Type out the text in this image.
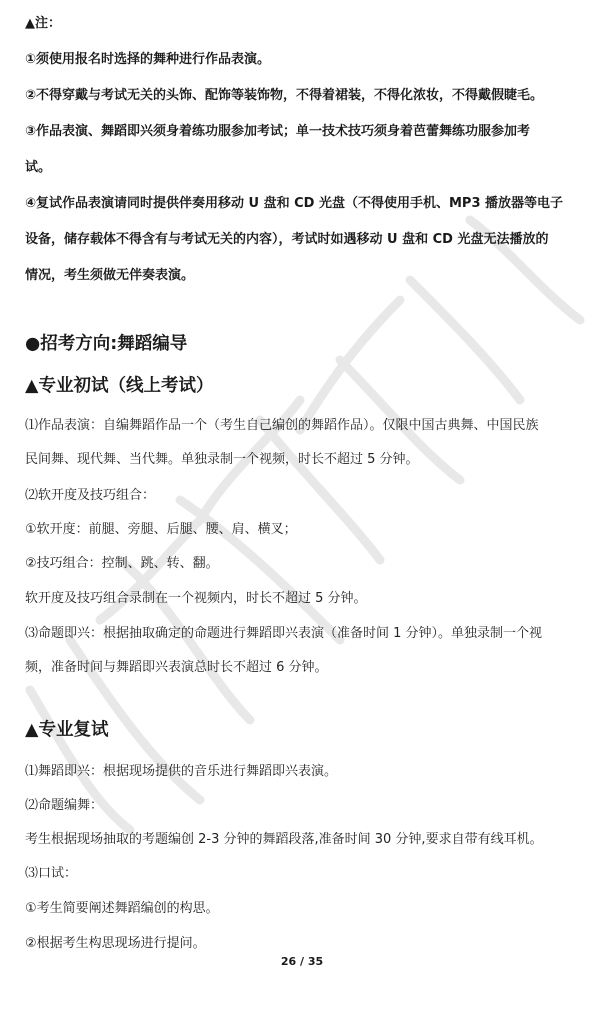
▲注：
①须使用报名时选择的舞种进行作品表演。
②不得穿戴与考试无关的头饰、配饰等装饰物，不得着裙装，不得化浓妆，不得戴假睫毛。
③作品表演、舞蹈即兴须身着练功服参加考试；单一技术技巧须身着芭蕾舞练功服参加考
试。
④复试作品表演请同时提供伴奏用移动 U 盘和 CD 光盘（不得使用手机、MP3 播放器等电子
设备，储存载体不得含有与考试无关的内容），考试时如遇移动 U 盘和 CD 光盘无法播放的
情况，考生须做无伴奏表演。
●招考方向:舞蹈编导
▲专业初试（线上考试）
⑴作品表演：自编舞蹈作品一个（考生自己编创的舞蹈作品）。仅限中国古典舞、中国民族
民间舞、现代舞、当代舞。单独录制一个视频，时长不超过 5 分钟。
⑵软开度及技巧组合：
①软开度：前腿、旁腿、后腿、腰、肩、横叉；
②技巧组合：控制、跳、转、翻。
软开度及技巧组合录制在一个视频内，时长不超过 5 分钟。
⑶命题即兴：根据抽取确定的命题进行舞蹈即兴表演（准备时间 1 分钟）。单独录制一个视
频，准备时间与舞蹈即兴表演总时长不超过 6 分钟。
▲专业复试
⑴舞蹈即兴：根据现场提供的音乐进行舞蹈即兴表演。
⑵命题编舞：
考生根据现场抽取的考题编创 2-3 分钟的舞蹈段落,准备时间 30 分钟,要求自带有线耳机。
⑶口试：
①考生简要阐述舞蹈编创的构思。
②根据考生构思现场进行提问。
26 / 35
